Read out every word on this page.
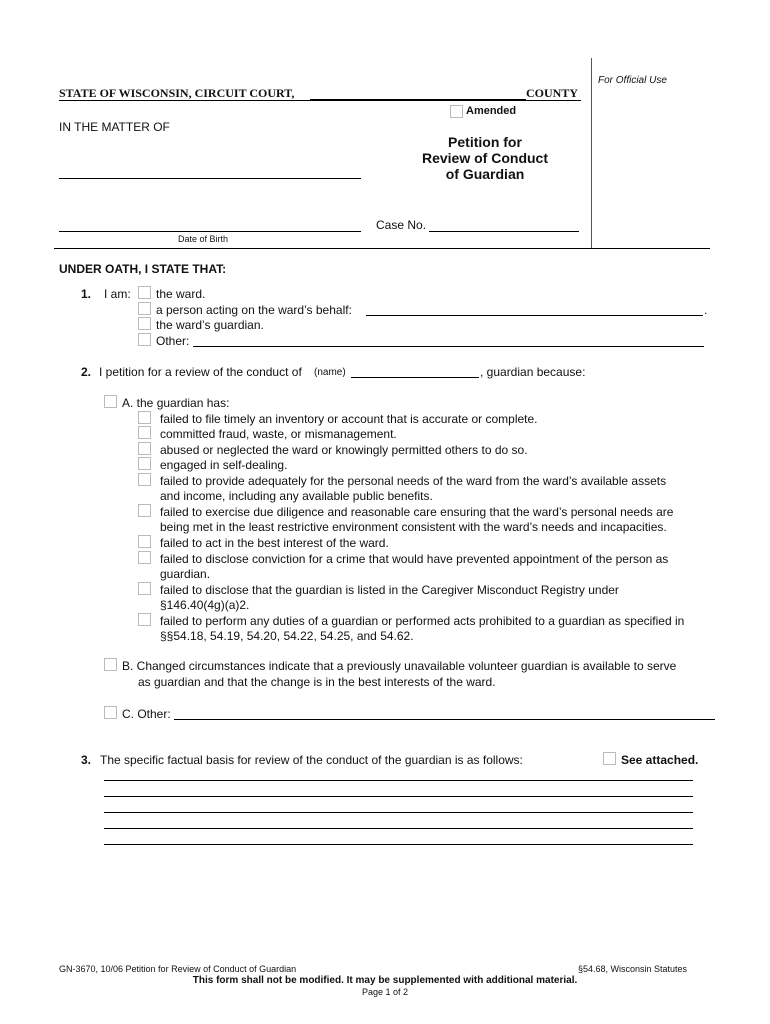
For Official Use
STATE OF WISCONSIN, CIRCUIT COURT,	COUNTY
Amended
IN THE MATTER OF
Petition for
Review of Conduct
of Guardian
Date of Birth
Case No.
UNDER OATH, I STATE THAT:
1. I am: the ward.
a person acting on the ward’s behalf:	.
the ward’s guardian.
Other:
2. I petition for a review of the conduct of (name)	, guardian because:
A. the guardian has:
failed to file timely an inventory or account that is accurate or complete.
committed fraud, waste, or mismanagement.
abused or neglected the ward or knowingly permitted others to do so.
engaged in self-dealing.
failed to provide adequately for the personal needs of the ward from the ward’s available assets
and income, including any available public benefits.
failed to exercise due diligence and reasonable care ensuring that the ward’s personal needs are
being met in the least restrictive environment consistent with the ward’s needs and incapacities.
failed to act in the best interest of the ward.
failed to disclose conviction for a crime that would have prevented appointment of the person as
guardian.
failed to disclose that the guardian is listed in the Caregiver Misconduct Registry under
§146.40(4g)(a)2.
failed to perform any duties of a guardian or performed acts prohibited to a guardian as specified in
§§54.18, 54.19, 54.20, 54.22, 54.25, and 54.62.
B. Changed circumstances indicate that a previously unavailable volunteer guardian is available to serve
as guardian and that the change is in the best interests of the ward.
C. Other:
3. The specific factual basis for review of the conduct of the guardian is as follows:	See attached.
GN-3670, 10/06 Petition for Review of Conduct of Guardian	§54.68, Wisconsin Statutes
This form shall not be modified. It may be supplemented with additional material.
Page 1 of 2
